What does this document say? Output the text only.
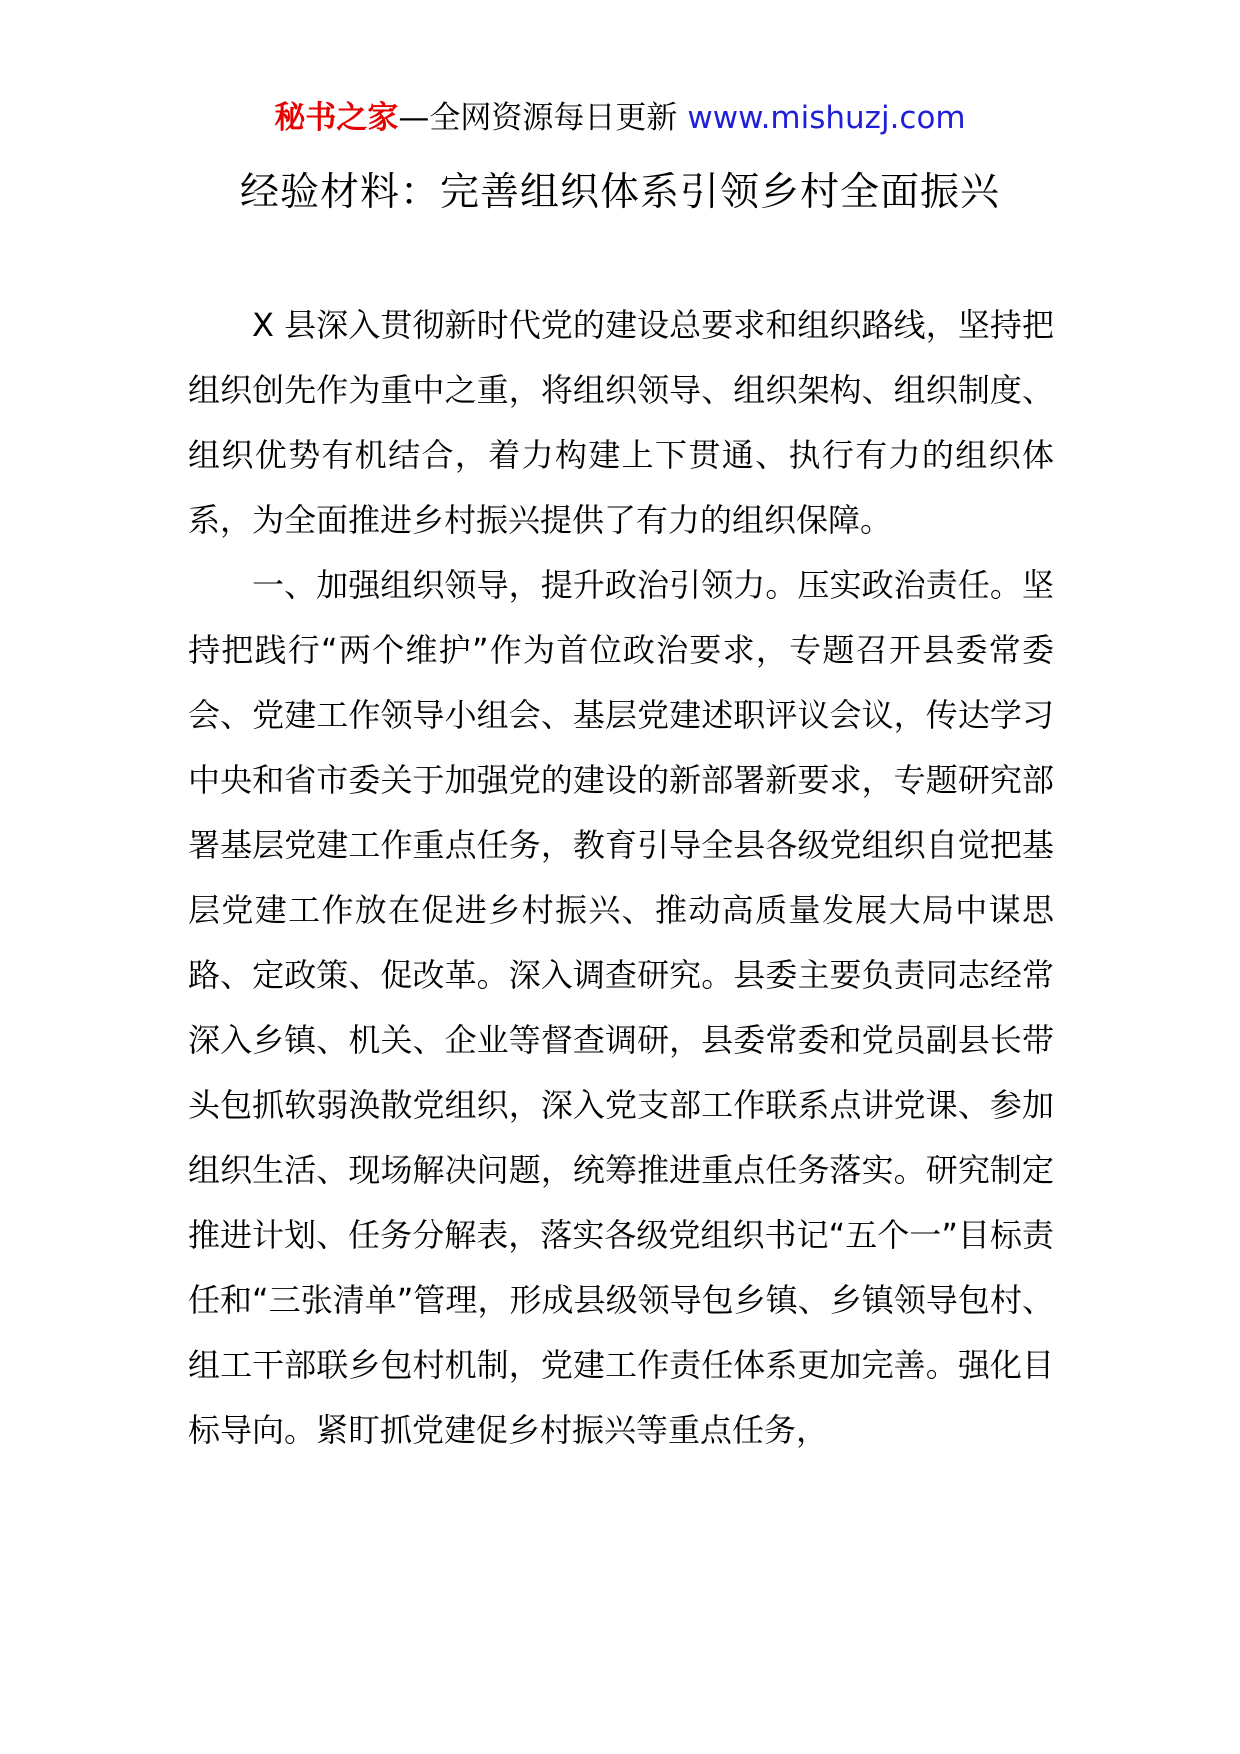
秘书之家—全网资源每日更新 www.mishuzj.com
经验材料：完善组织体系引领乡村全面振兴

X 县深入贯彻新时代党的建设总要求和组织路线，坚持把组织创先作为重中之重，将组织领导、组织架构、组织制度、组织优势有机结合，着力构建上下贯通、执行有力的组织体系，为全面推进乡村振兴提供了有力的组织保障。

一、加强组织领导，提升政治引领力。压实政治责任。坚持把践行“两个维护”作为首位政治要求，专题召开县委常委会、党建工作领导小组会、基层党建述职评议会议，传达学习中央和省市委关于加强党的建设的新部署新要求，专题研究部署基层党建工作重点任务，教育引导全县各级党组织自觉把基层党建工作放在促进乡村振兴、推动高质量发展大局中谋思路、定政策、促改革。深入调查研究。县委主要负责同志经常深入乡镇、机关、企业等督查调研，县委常委和党员副县长带头包抓软弱涣散党组织，深入党支部工作联系点讲党课、参加组织生活、现场解决问题，统筹推进重点任务落实。研究制定推进计划、任务分解表，落实各级党组织书记“五个一”目标责任和“三张清单”管理，形成县级领导包乡镇、乡镇领导包村、组工干部联乡包村机制，党建工作责任体系更加完善。强化目标导向。紧盯抓党建促乡村振兴等重点任务，
